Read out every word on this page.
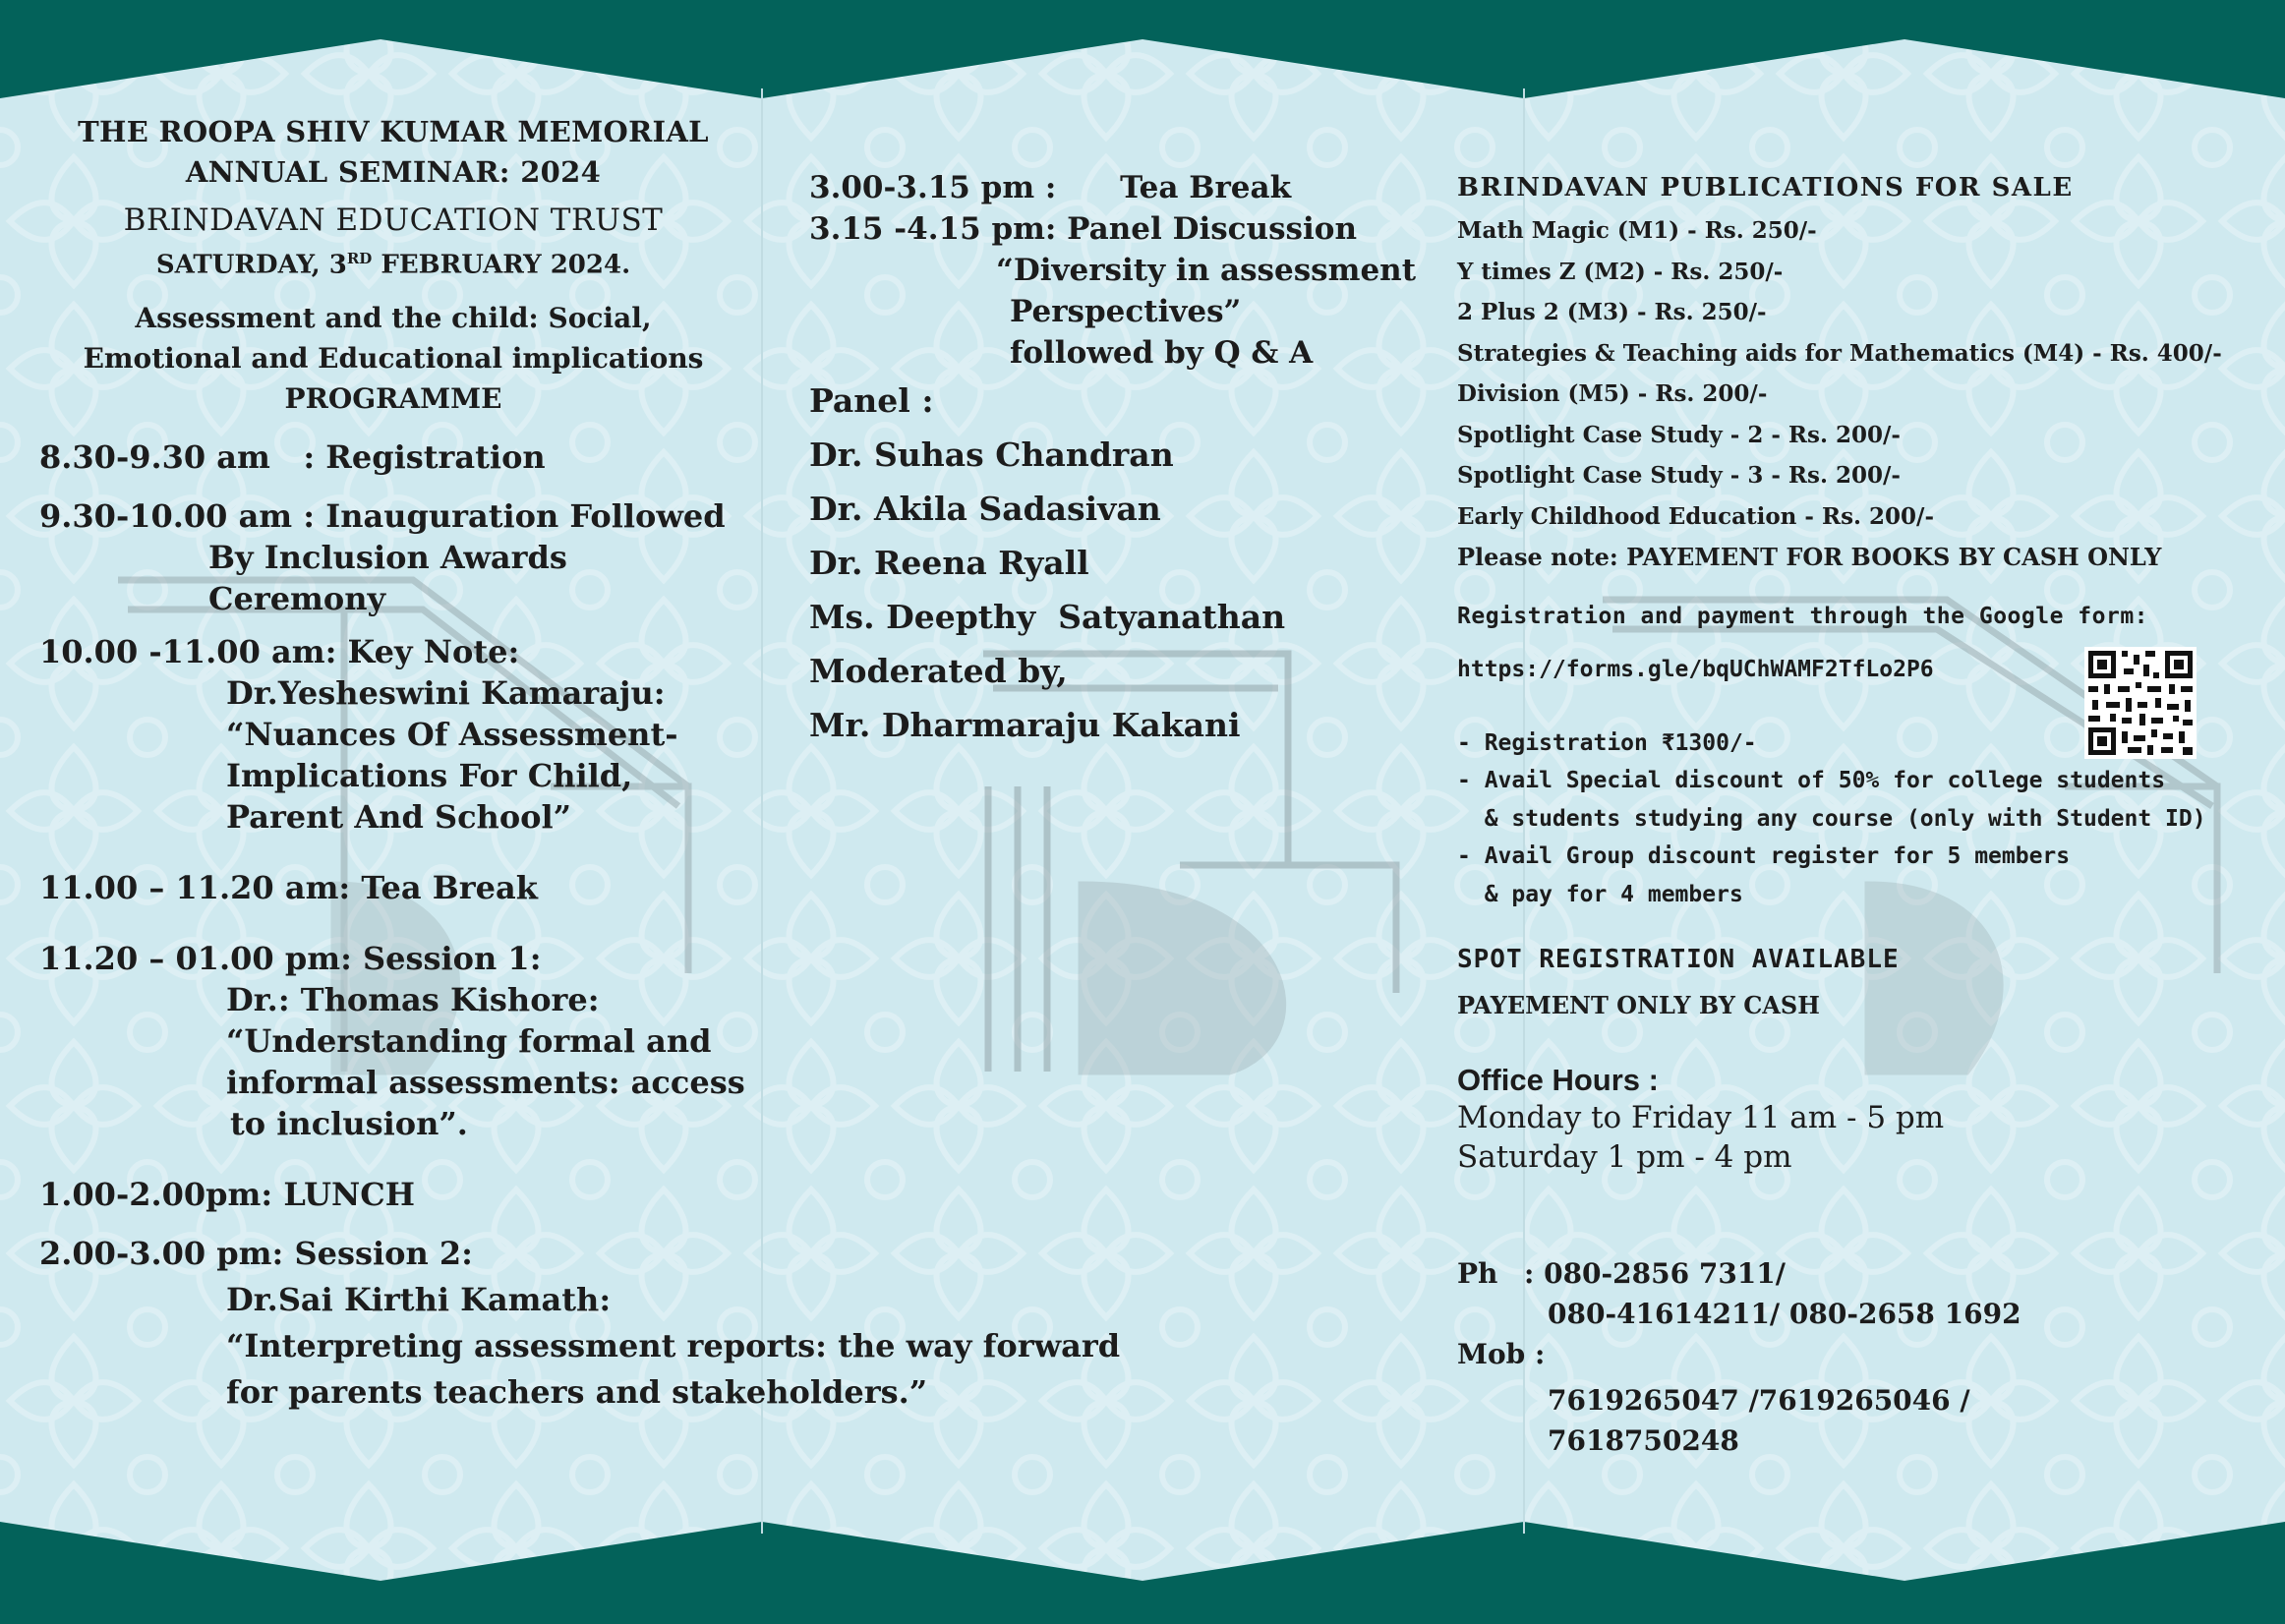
THE ROOPA SHIV KUMAR MEMORIAL
ANNUAL SEMINAR: 2024
BRINDAVAN EDUCATION TRUST
SATURDAY, 3RD FEBRUARY 2024.
Assessment and the child: Social,
Emotional and Educational implications
PROGRAMME
8.30-9.30 am   : Registration
9.30-10.00 am : Inauguration Followed
By Inclusion Awards Ceremony
10.00 -11.00 am: Key Note:
Dr.Yesheswini Kamaraju:
“Nuances Of Assessment-
Implications For Child,
Parent And School”
11.00 – 11.20 am: Tea Break
11.20 – 01.00 pm: Session 1:
Dr.: Thomas Kishore:
“Understanding formal and
informal assessments: access
to inclusion”.
1.00-2.00pm: LUNCH
2.00-3.00 pm: Session 2:
Dr.Sai Kirthi Kamath:
“Interpreting assessment reports: the way forward
for parents teachers and stakeholders.”
3.00-3.15 pm :      Tea Break
3.15 -4.15 pm: Panel Discussion
“Diversity in assessment
Perspectives”
followed by Q & A
Panel :
Dr. Suhas Chandran
Dr. Akila Sadasivan
Dr. Reena Ryall
Ms. Deepthy  Satyanathan
Moderated by,
Mr. Dharmaraju Kakani
BRINDAVAN PUBLICATIONS FOR SALE
Math Magic (M1) - Rs. 250/-
Y times Z (M2) - Rs. 250/-
2 Plus 2 (M3) - Rs. 250/-
Strategies & Teaching aids for Mathematics (M4) - Rs. 400/-
Division (M5) - Rs. 200/-
Spotlight Case Study - 2 - Rs. 200/-
Spotlight Case Study - 3 - Rs. 200/-
Early Childhood Education - Rs. 200/-
Please note: PAYEMENT FOR BOOKS BY CASH ONLY
Registration and payment through the Google form:
https://forms.gle/bqUChWAMF2TfLo2P6
- Registration ₹1300/-
- Avail Special discount of 50% for college students
& students studying any course (only with Student ID)
- Avail Group discount register for 5 members
& pay for 4 members
SPOT REGISTRATION AVAILABLE
PAYEMENT ONLY BY CASH
Office Hours :
Monday to Friday 11 am - 5 pm
Saturday 1 pm - 4 pm
Ph : 080-2856 7311/
080-41614211/ 080-2658 1692
Mob :
7619265047 /7619265046 /
7618750248
